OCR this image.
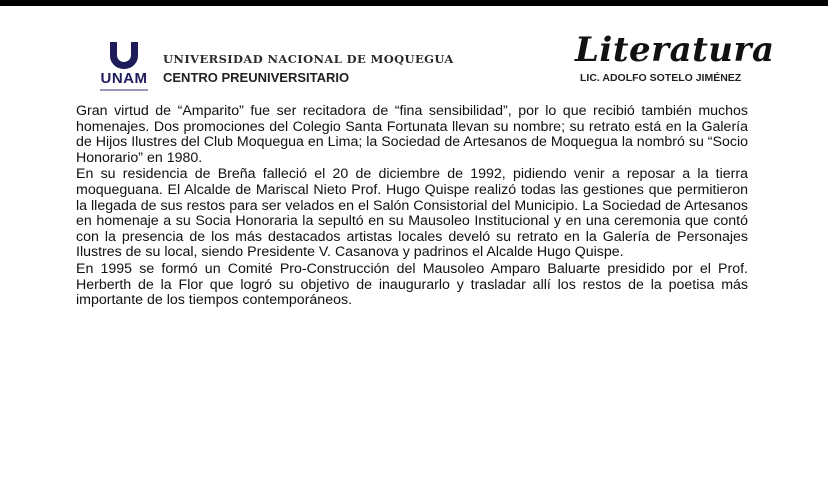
UNAM
UNIVERSIDAD NACIONAL DE MOQUEGUA
CENTRO PREUNIVERSITARIO
Literatura
LIC. ADOLFO SOTELO JIMÉNEZ

Gran virtud de “Amparito” fue ser recitadora de “fina sensibilidad”, por lo que recibió también muchos homenajes. Dos promociones del Colegio Santa Fortunata llevan su nombre; su retrato está en la Galería de Hijos Ilustres del Club Moquegua en Lima; la Sociedad de Artesanos de Moquegua la nombró su “Socio Honorario” en 1980.

En su residencia de Breña falleció el 20 de diciembre de 1992, pidiendo venir a reposar a la tierra moqueguana. El Alcalde de Mariscal Nieto Prof. Hugo Quispe realizó todas las gestiones que permitieron la llegada de sus restos para ser velados en el Salón Consistorial del Municipio. La Sociedad de Artesanos en homenaje a su Socia Honoraria la sepultó en su Mausoleo Institucional y en una ceremonia que contó con la presencia de los más destacados artistas locales develó su retrato en la Galería de Personajes Ilustres de su local, siendo Presidente V. Casanova y padrinos el Alcalde Hugo Quispe.

En 1995 se formó un Comité Pro-Construcción del Mausoleo Amparo Baluarte presidido por el Prof. Herberth de la Flor que logró su objetivo de inaugurarlo y trasladar allí los restos de la poetisa más importante de los tiempos contemporáneos.
